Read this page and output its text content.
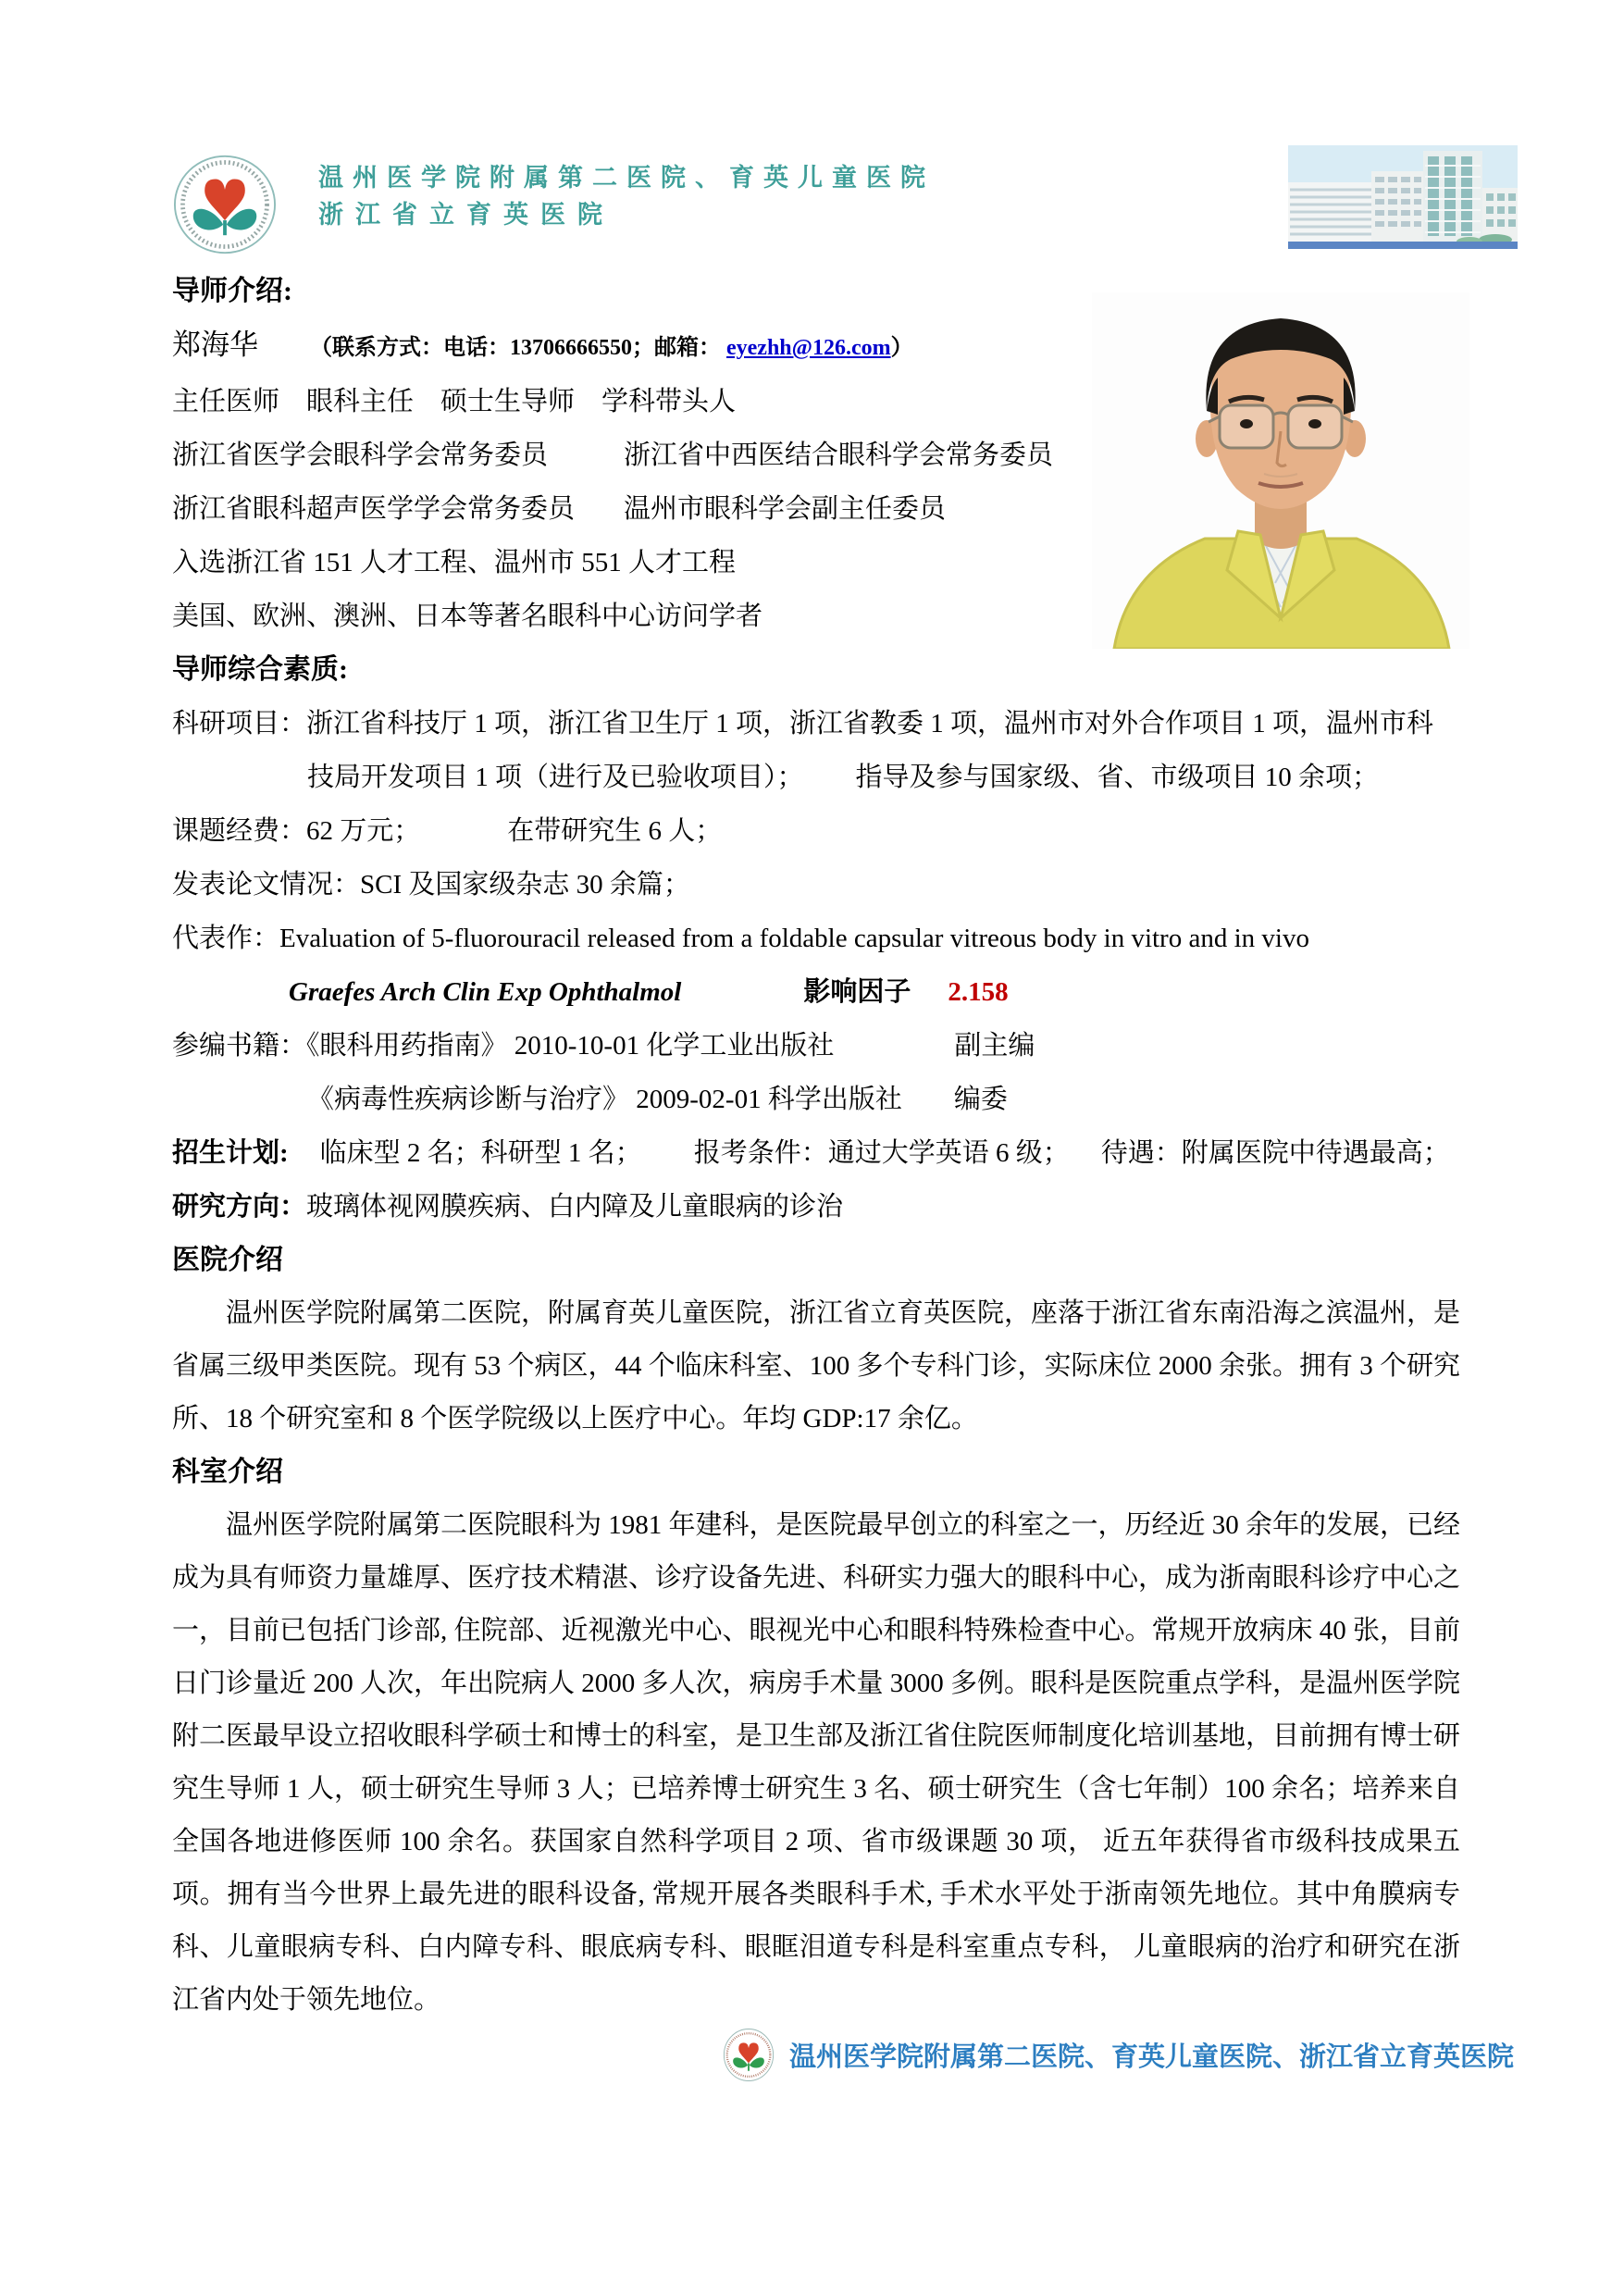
温州医学院附属第二医院、育英儿童医院
浙江省立育英医院
导师介绍:
郑海华 （联系方式：电话：13706666550；邮箱： eyezhh@126.com）
主任医师　眼科主任　硕士生导师　学科带头人
浙江省医学会眼科学会常务委员	浙江省中西医结合眼科学会常务委员
浙江省眼科超声医学学会常务委员 温州市眼科学会副主任委员
入选浙江省 151 人才工程、温州市 551 人才工程
美国、欧洲、澳洲、日本等著名眼科中心访问学者
导师综合素质:
科研项目：浙江省科技厅 1 项，浙江省卫生厅 1 项，浙江省教委 1 项，温州市对外合作项目 1 项，温州市科
技局开发项目 1 项（进行及已验收项目）； 指导及参与国家级、省、市级项目 10 余项；
课题经费：62 万元；	在带研究生 6 人；
发表论文情况：SCI 及国家级杂志 30 余篇；
代表作：Evaluation of 5-fluorouracil released from a foldable capsular vitreous body in vitro and in vivo
Graefes Arch Clin Exp Ophthalmol	影响因子 2.158
参编书籍：《眼科用药指南》 2010-10-01 化学工业出版社	副主编
《病毒性疾病诊断与治疗》 2009-02-01 科学出版社 编委
招生计划: 临床型 2 名；科研型 1 名； 报考条件：通过大学英语 6 级； 待遇：附属医院中待遇最高；
研究方向：玻璃体视网膜疾病、白内障及儿童眼病的诊治
医院介绍
温州医学院附属第二医院，附属育英儿童医院，浙江省立育英医院，座落于浙江省东南沿海之滨温州，是省属三级甲类医院。现有 53 个病区，44 个临床科室、100 多个专科门诊，实际床位 2000 余张。拥有 3 个研究所、18 个研究室和 8 个医学院级以上医疗中心。年均 GDP:17 余亿。
科室介绍
温州医学院附属第二医院眼科为 1981 年建科，是医院最早创立的科室之一，历经近 30 余年的发展，已经成为具有师资力量雄厚、医疗技术精湛、诊疗设备先进、科研实力强大的眼科中心，成为浙南眼科诊疗中心之一，目前已包括门诊部, 住院部、近视激光中心、眼视光中心和眼科特殊检查中心。常规开放病床 40 张，目前日门诊量近 200 人次，年出院病人 2000 多人次，病房手术量 3000 多例。眼科是医院重点学科，是温州医学院附二医最早设立招收眼科学硕士和博士的科室，是卫生部及浙江省住院医师制度化培训基地，目前拥有博士研究生导师 1 人，硕士研究生导师 3 人；已培养博士研究生 3 名、硕士研究生（含七年制）100 余名；培养来自全国各地进修医师 100 余名。获国家自然科学项目 2 项、省市级课题 30 项， 近五年获得省市级科技成果五项。拥有当今世界上最先进的眼科设备, 常规开展各类眼科手术, 手术水平处于浙南领先地位。其中角膜病专科、儿童眼病专科、白内障专科、眼底病专科、眼眶泪道专科是科室重点专科， 儿童眼病的治疗和研究在浙江省内处于领先地位。
温州医学院附属第二医院、育英儿童医院、浙江省立育英医院
